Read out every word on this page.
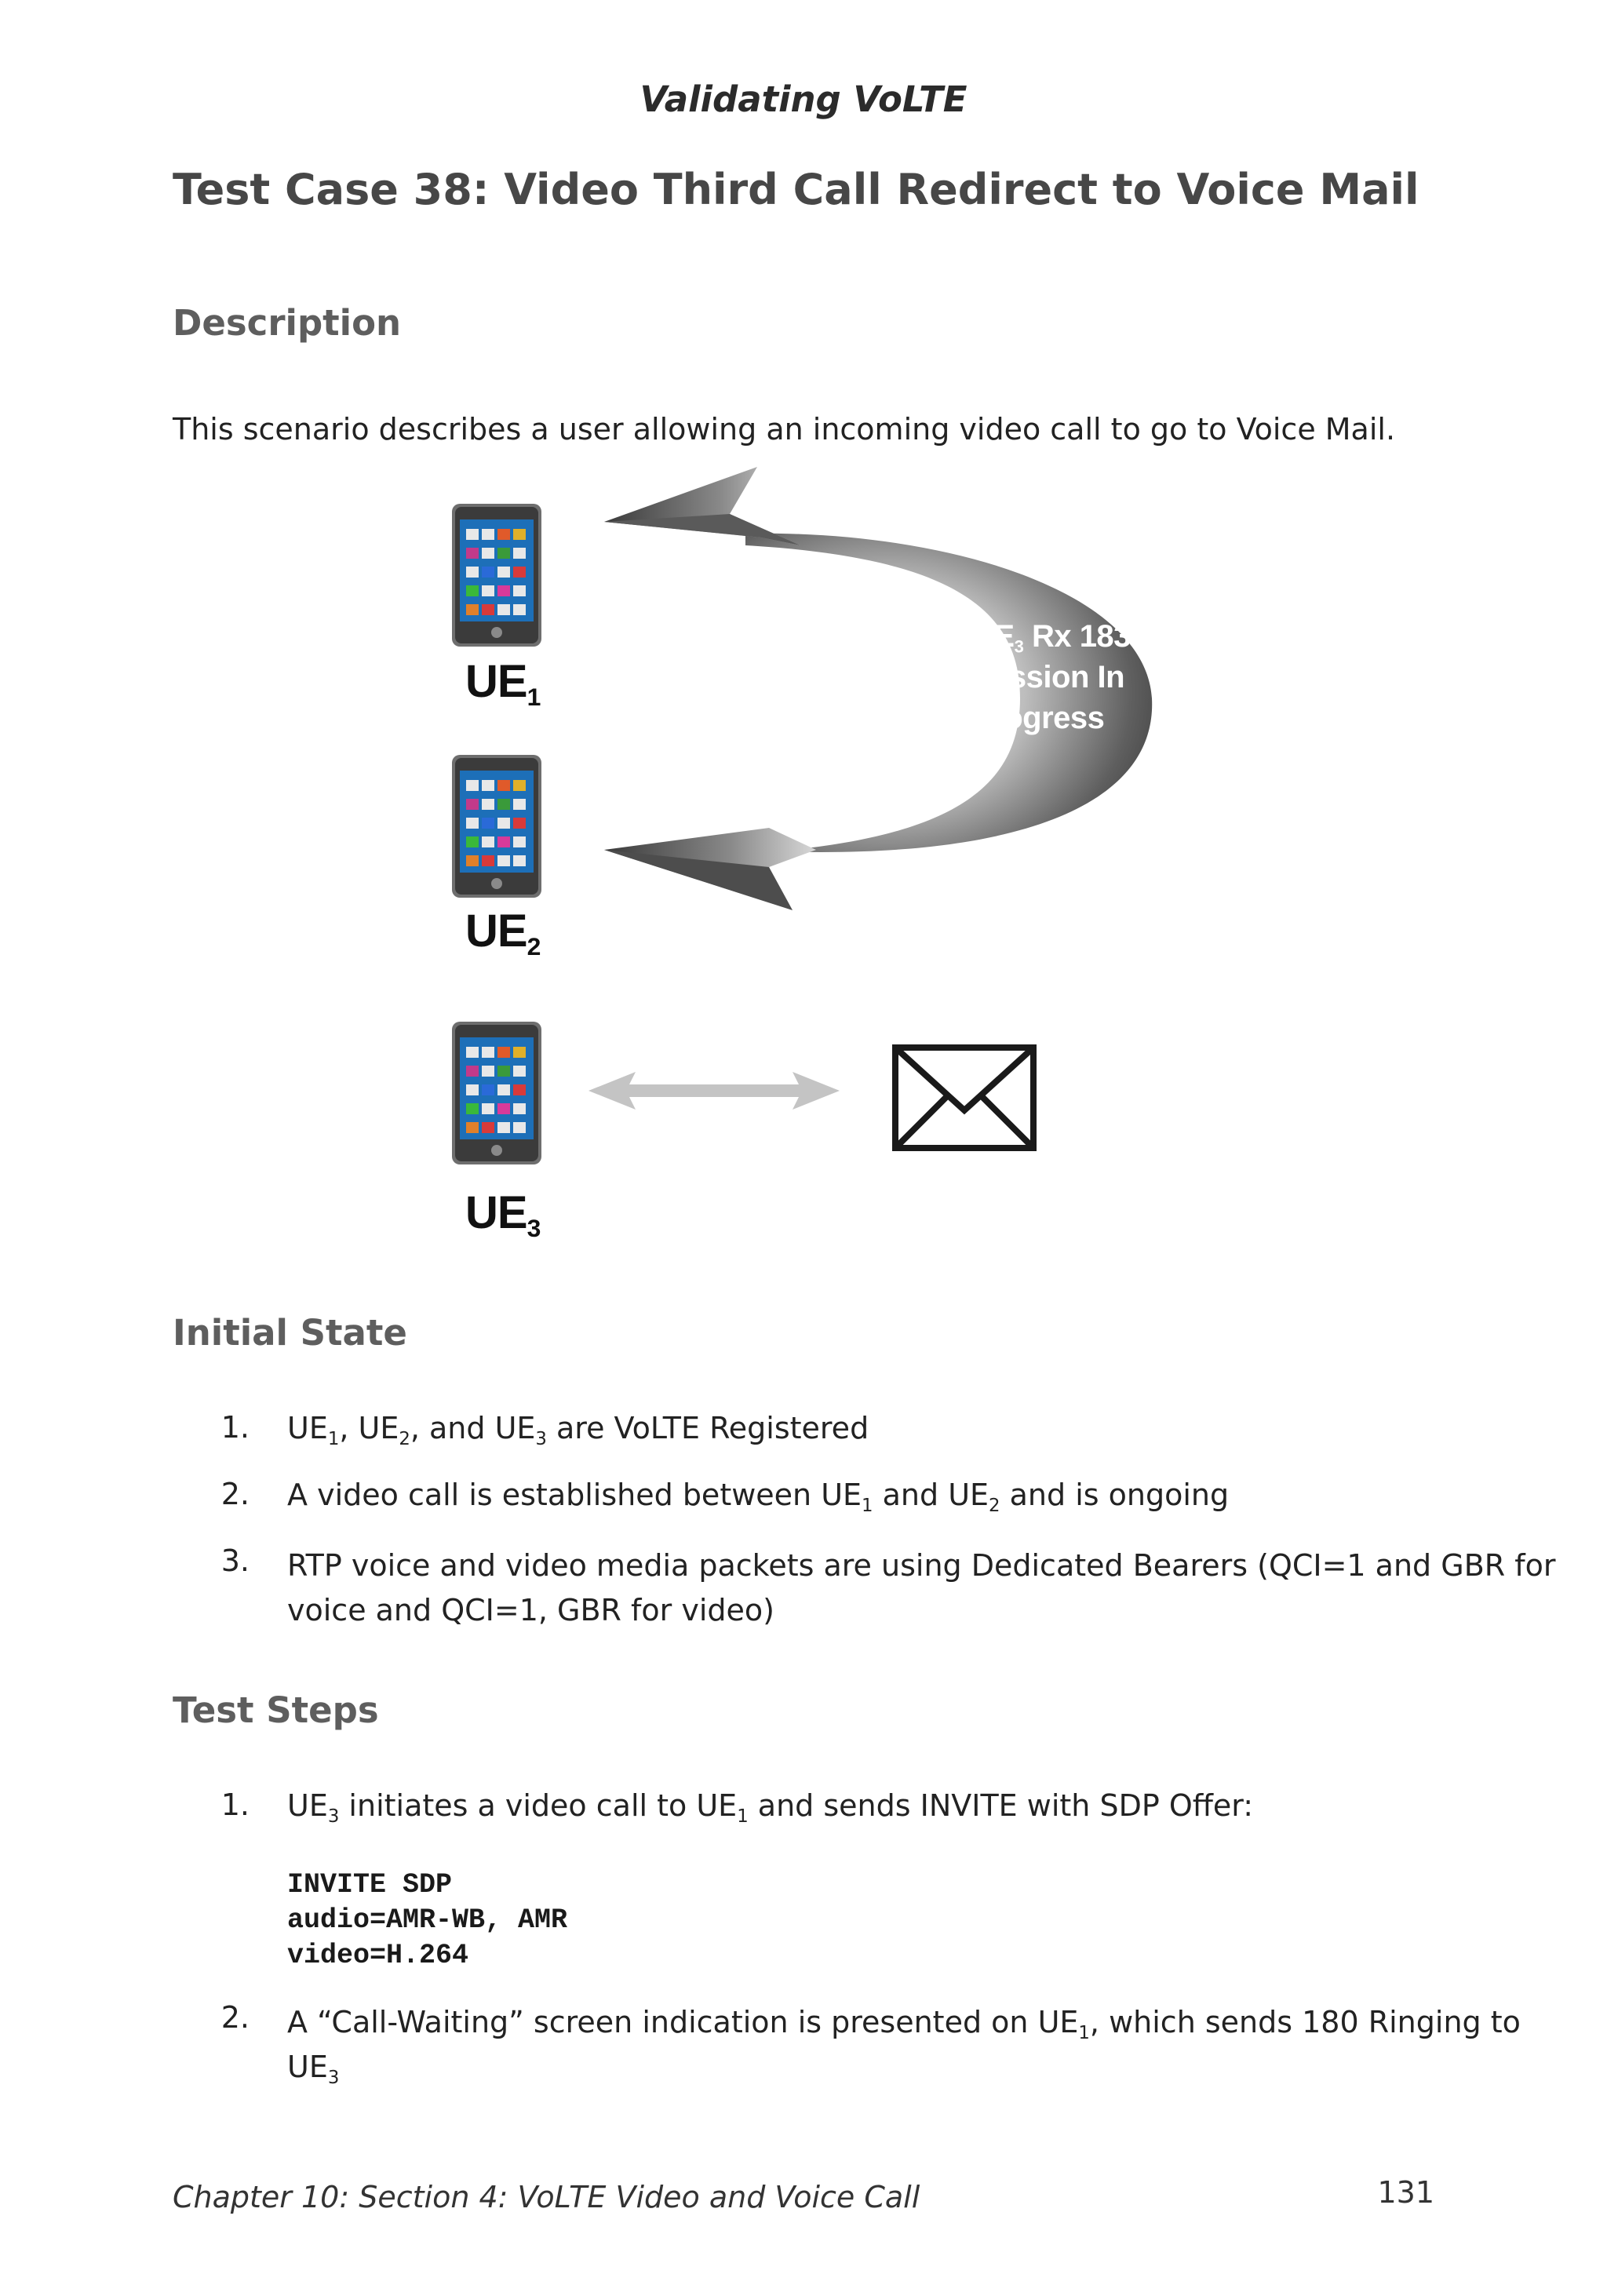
Validating VoLTE
Test Case 38: Video Third Call Redirect to Voice Mail
Description
This scenario describes a user allowing an incoming video call to go to Voice Mail.
$UE_3$ Rx 183
Session In
Progress
$UE_1$
$UE_2$
$UE_3$
Initial State
1. $UE_1$, $UE_2$, and $UE_3$ are VoLTE Registered
2. A video call is established between $UE_1$ and $UE_2$ and is ongoing
3. RTP voice and video media packets are using Dedicated Bearers (QCI=1 and GBR for
voice and QCI=1, GBR for video)
Test Steps
1. $UE_3$ initiates a video call to $UE_1$ and sends INVITE with SDP Offer:
INVITE SDP
audio=AMR-WB, AMR
video=H.264
2. A “Call-Waiting” screen indication is presented on $UE_1$, which sends 180 Ringing to
$UE_3$
Chapter 10: Section 4: VoLTE Video and Voice Call	131
